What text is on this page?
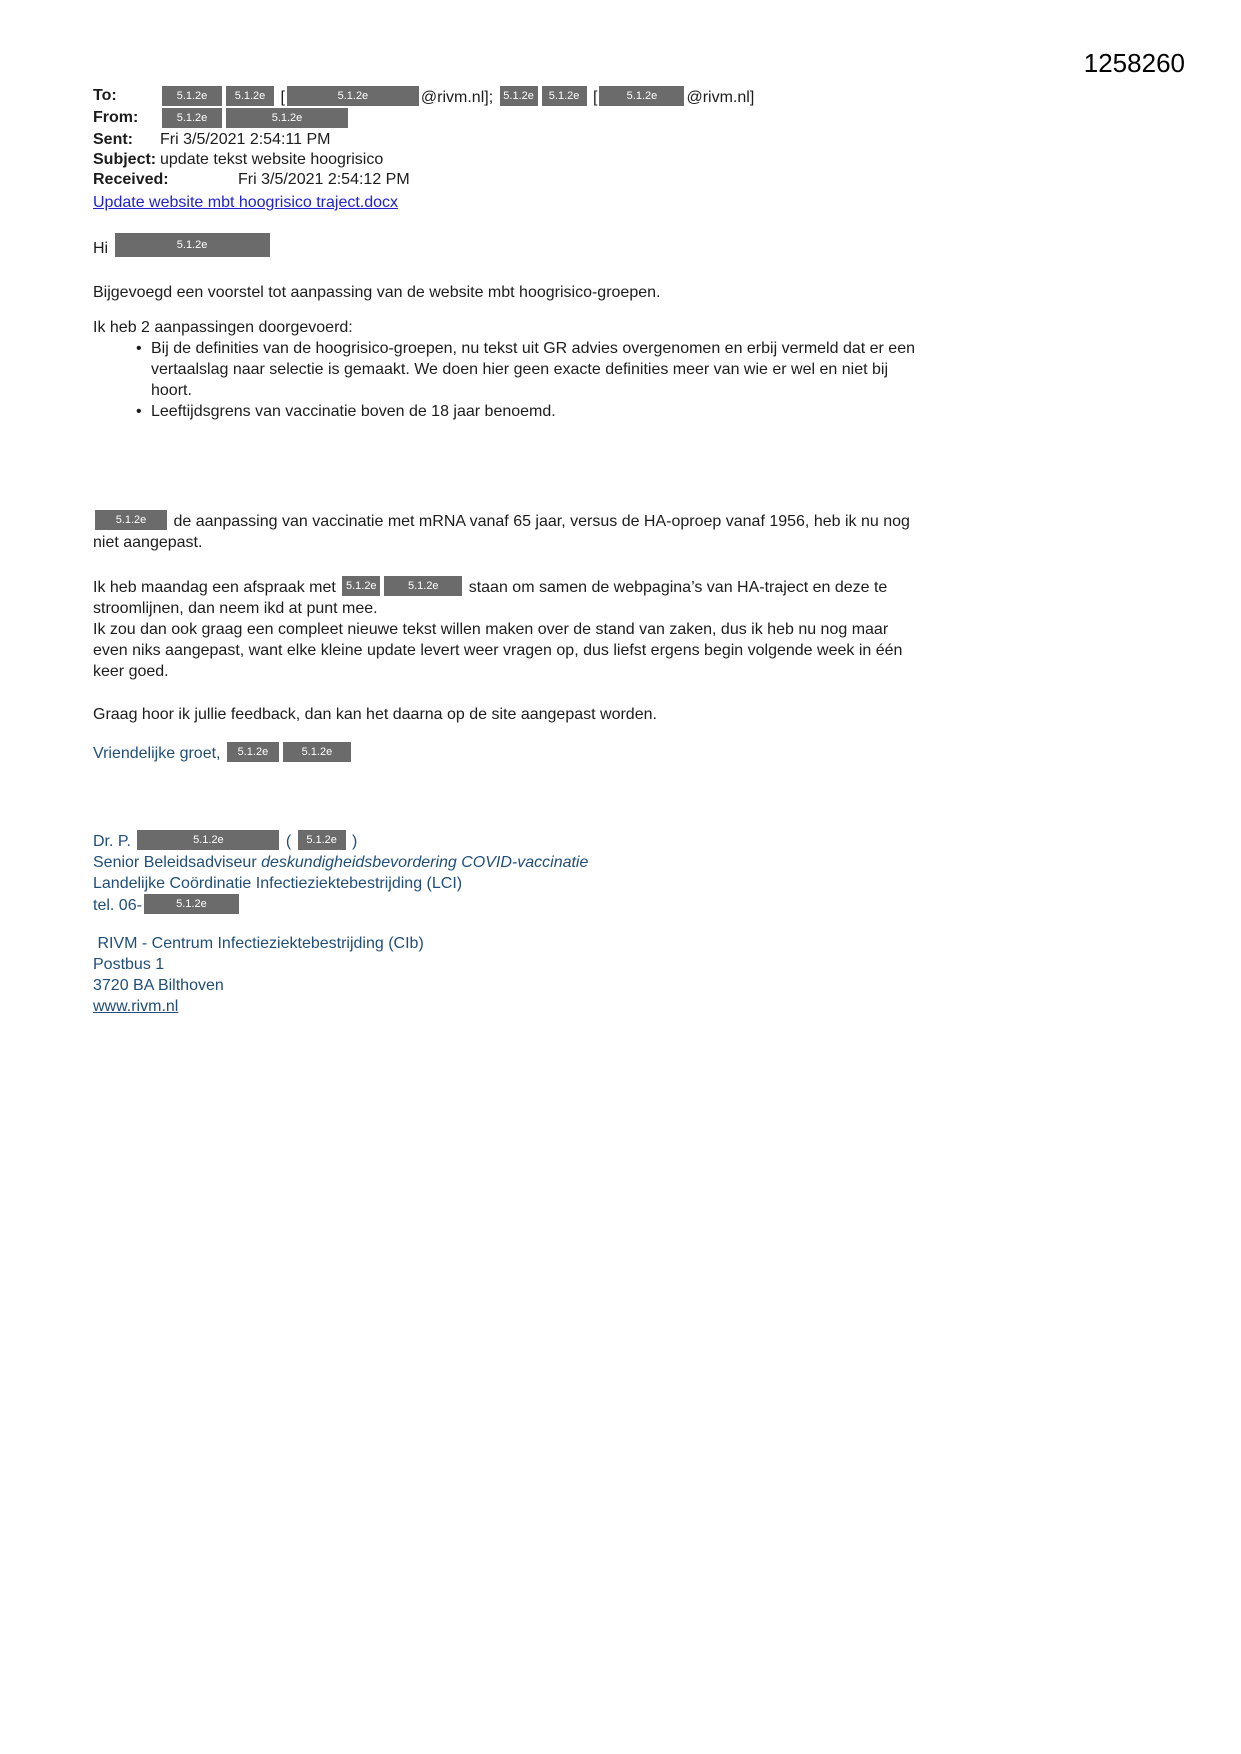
1258260
To:	5.1.2e 5.1.2e [	5.1.2e	@rivm.nl]; 5.1.2e 5.1.2e [	5.1.2e @rivm.nl]
From:	5.1.2e	5.1.2e
Sent:	Fri 3/5/2021 2:54:11 PM
Subject: update tekst website hoogrisico
Received:	Fri 3/5/2021 2:54:12 PM
Update website mbt hoogrisico traject.docx
Hi	5.1.2e
Bijgevoegd een voorstel tot aanpassing van de website mbt hoogrisico-groepen.
Ik heb 2 aanpassingen doorgevoerd:
• Bij de definities van de hoogrisico-groepen, nu tekst uit GR advies overgenomen en erbij vermeld dat er een
vertaalslag naar selectie is gemaakt. We doen hier geen exacte definities meer van wie er wel en niet bij
hoort.
• Leeftijdsgrens van vaccinatie boven de 18 jaar benoemd.
5.1.2e de aanpassing van vaccinatie met mRNA vanaf 65 jaar, versus de HA-oproep vanaf 1956, heb ik nu nog
niet aangepast.
Ik heb maandag een afspraak met 5.1.2e	5.1.2e staan om samen de webpagina’s van HA-traject en deze te
stroomlijnen, dan neem ikd at punt mee.
Ik zou dan ook graag een compleet nieuwe tekst willen maken over de stand van zaken, dus ik heb nu nog maar
even niks aangepast, want elke kleine update levert weer vragen op, dus liefst ergens begin volgende week in één
keer goed.
Graag hoor ik jullie feedback, dan kan het daarna op de site aangepast worden.
Vriendelijke groet, 5.1.2e	5.1.2e
Dr. P.	5.1.2e	( 5.1.2e )
Senior Beleidsadviseur deskundigheidsbevordering COVID-vaccinatie
Landelijke Coördinatie Infectieziektebestrijding (LCI)
tel. 06-	5.1.2e
RIVM - Centrum Infectieziektebestrijding (CIb)
Postbus 1
3720 BA Bilthoven
www.rivm.nl
